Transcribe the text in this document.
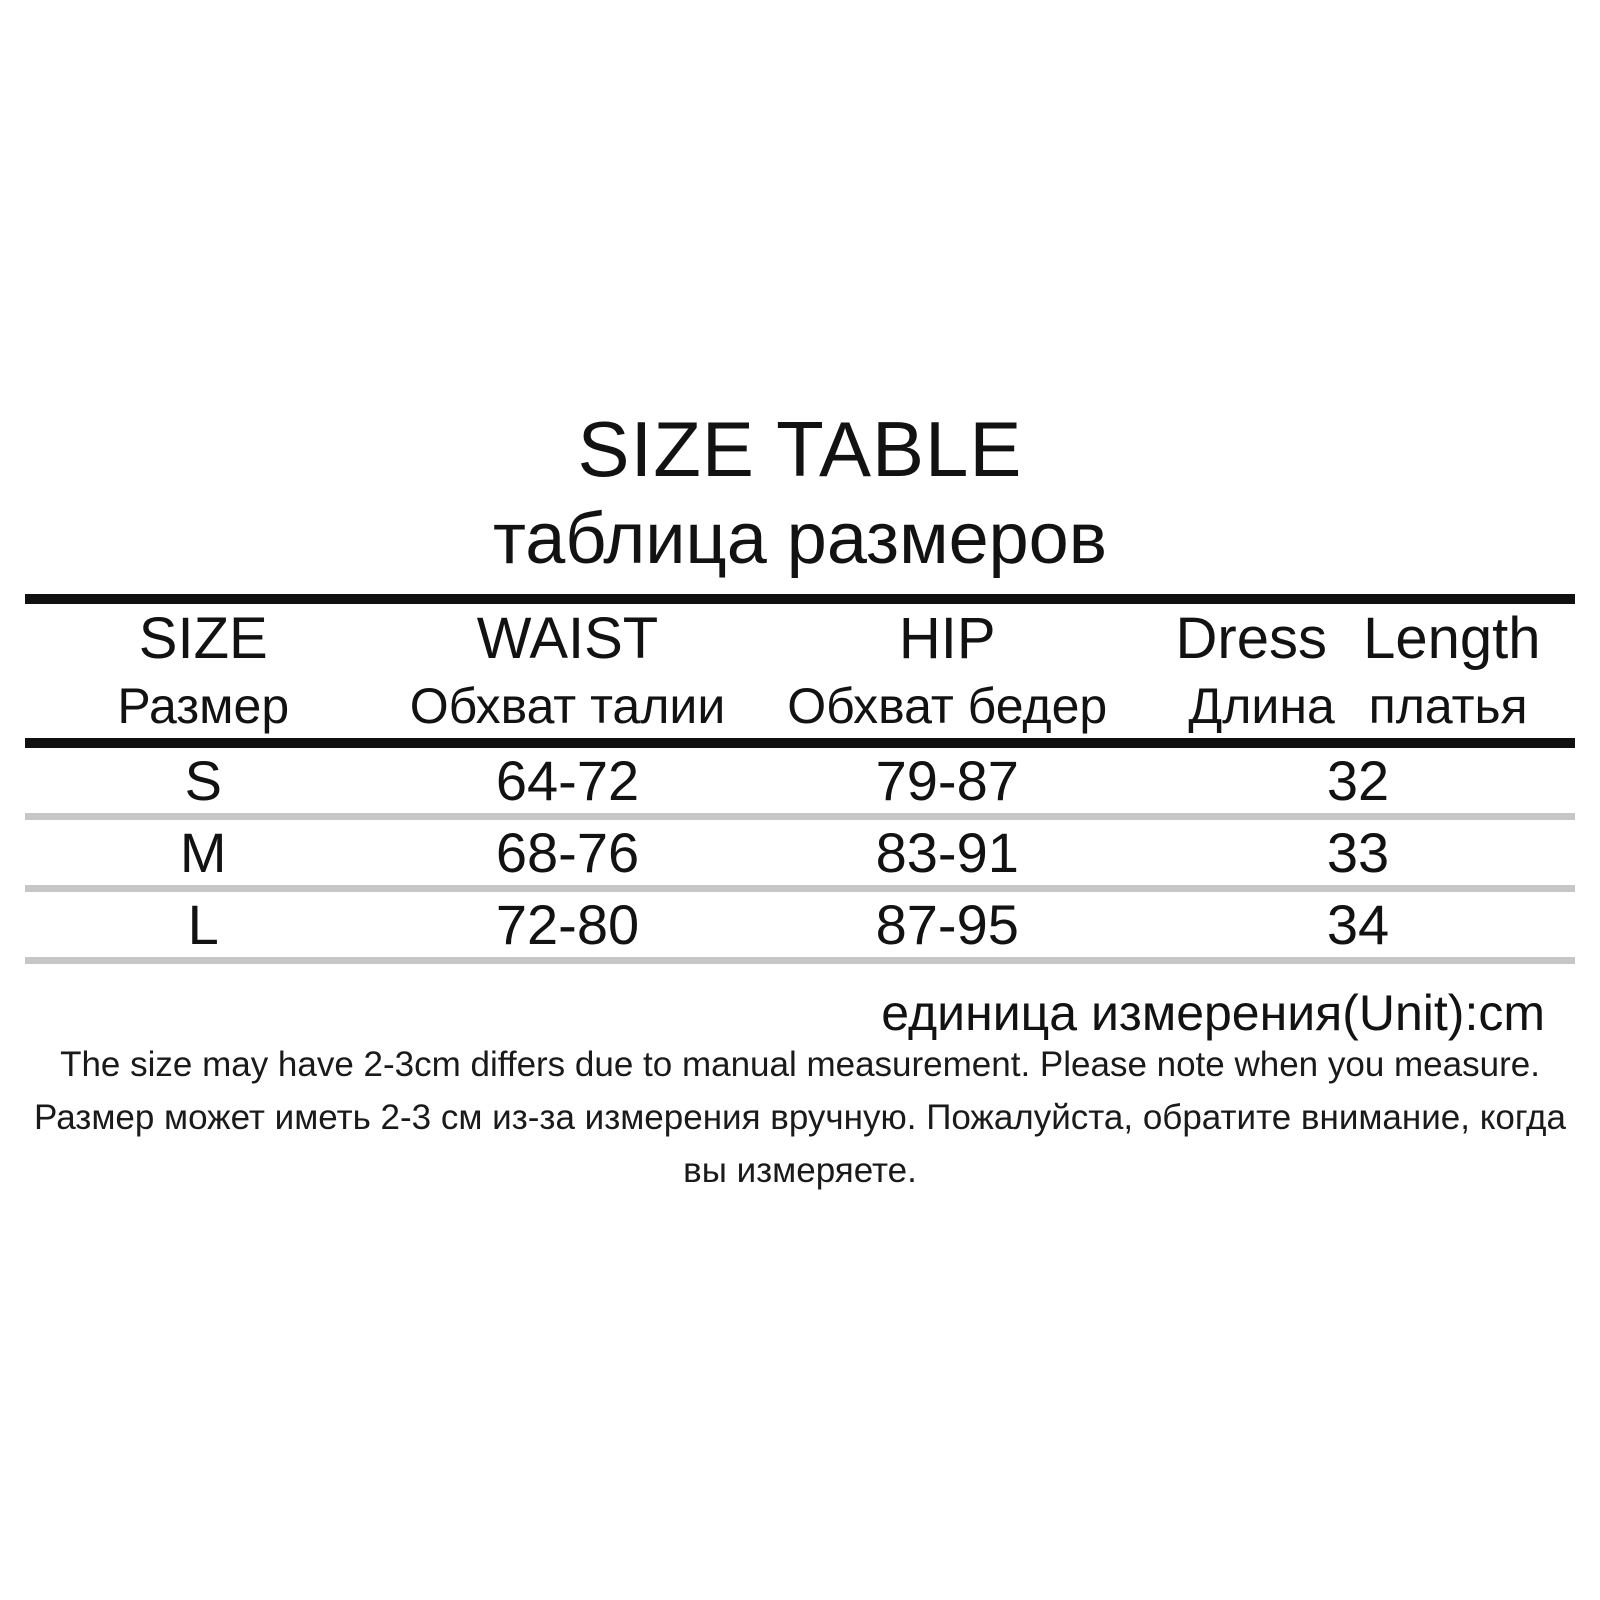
SIZE TABLE
таблица размеров
SIZE	WAIST	HIP	Dress Length
Размер	Обхват талии	Обхват бедер	Длина платья
S	64-72	79-87	32
M	68-76	83-91	33
L	72-80	87-95	34
единица измерения(Unit):cm
The size may have 2-3cm differs due to manual measurement. Please note when you measure.
Размер может иметь 2-3 см из-за измерения вручную. Пожалуйста, обратите внимание, когда
вы измеряете.
